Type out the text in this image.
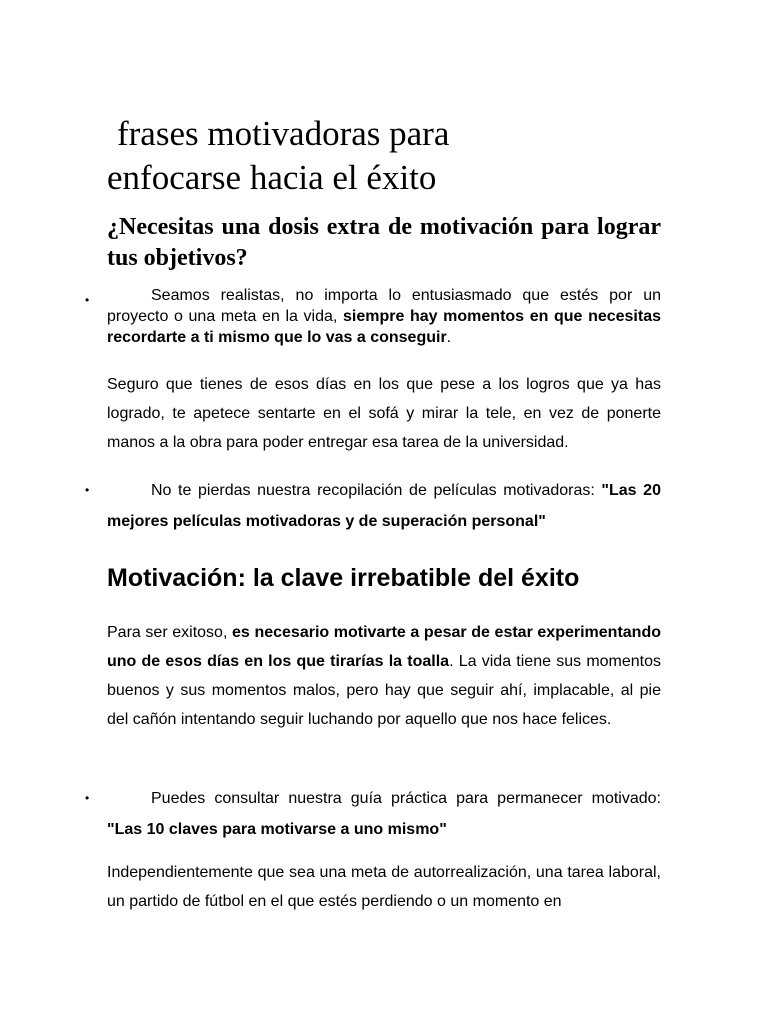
frases motivadoras para
enfocarse hacia el éxito
¿Necesitas una dosis extra de motivación para lograr tus objetivos?
•	Seamos realistas, no importa lo entusiasmado que estés por un proyecto o una meta en la vida, siempre hay momentos en que necesitas recordarte a ti mismo que lo vas a conseguir.

Seguro que tienes de esos días en los que pese a los logros que ya has logrado, te apetece sentarte en el sofá y mirar la tele, en vez de ponerte manos a la obra para poder entregar esa tarea de la universidad.

•	No te pierdas nuestra recopilación de películas motivadoras: "Las 20 mejores películas motivadoras y de superación personal"

Motivación: la clave irrebatible del éxito

Para ser exitoso, es necesario motivarte a pesar de estar experimentando uno de esos días en los que tirarías la toalla. La vida tiene sus momentos buenos y sus momentos malos, pero hay que seguir ahí, implacable, al pie del cañón intentando seguir luchando por aquello que nos hace felices.

•	Puedes consultar nuestra guía práctica para permanecer motivado: "Las 10 claves para motivarse a uno mismo"

Independientemente que sea una meta de autorrealización, una tarea laboral, un partido de fútbol en el que estés perdiendo o un momento en
